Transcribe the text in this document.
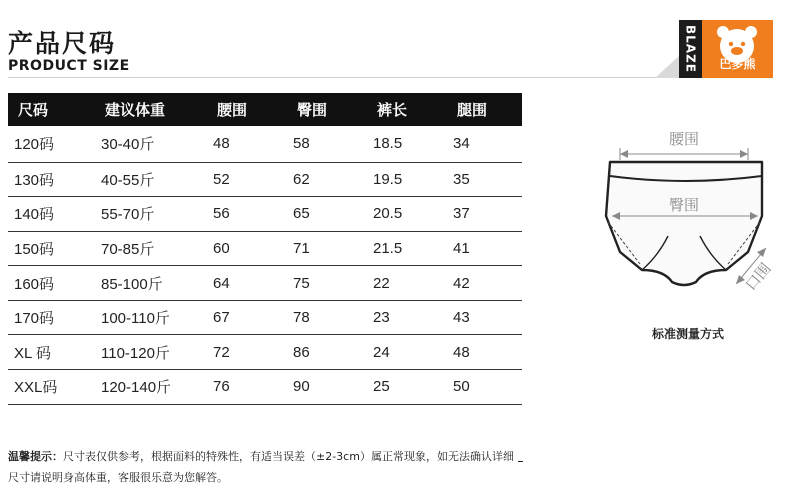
产品尺码
PRODUCT SIZE	BLAZE	巴多熊
尺码	建议体重	腰围	臀围	裤长	腿围
120码	30-40斤	48	58	18.5	34
130码	40-55斤	52	62	19.5	35
140码	55-70斤	56	65	20.5	37
150码	70-85斤	60	71	21.5	41
160码	85-100斤	64	75	22	42
170码	100-110斤	67	78	23	43
XL 码	110-120斤	72	86	24	48
XXL码	120-140斤	76	90	25	50
温馨提示：尺寸表仅供参考，根据面料的特殊性，有适当误差（±2-3cm）属正常现象，如无法确认详细尺寸请说明身高体重，客服很乐意为您解答。
腰围
臀围
口围
标准测量方式
